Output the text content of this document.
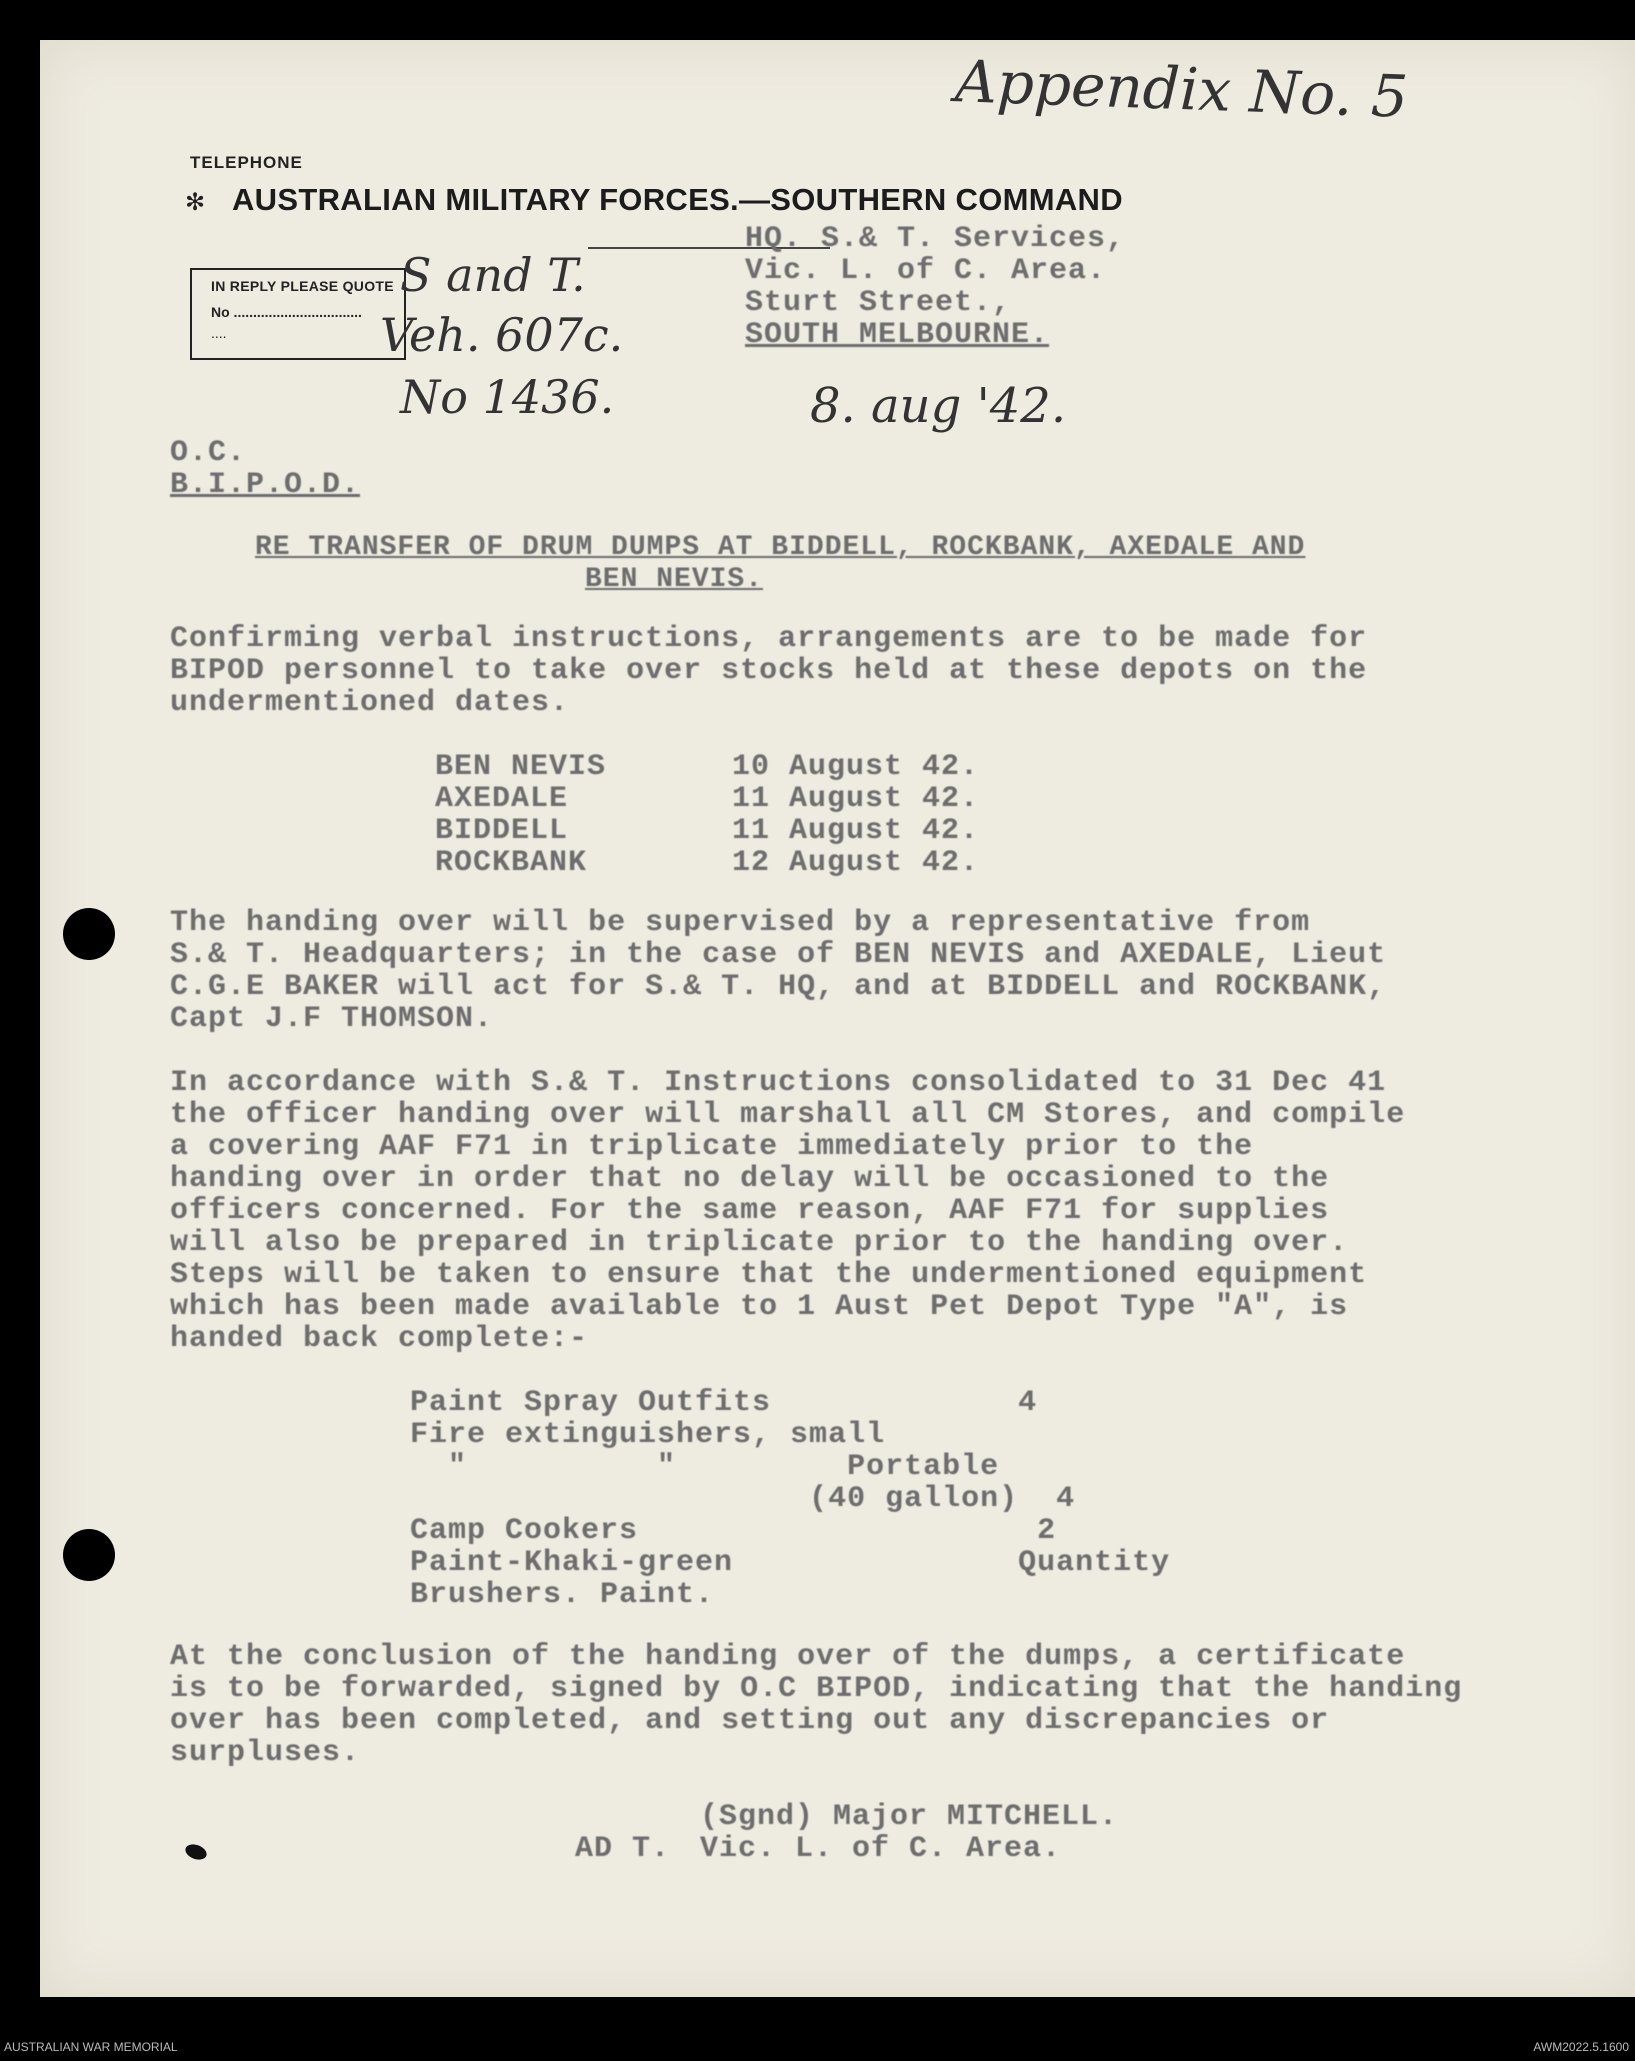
Appendix No. 5
TELEPHONE
✻ AUSTRALIAN MILITARY FORCES.—SOUTHERN COMMAND
IN REPLY PLEASE QUOTE
No .................................
....
S and T.
Veh. 607c.
No 1436.
HQ. S.& T. Services,
Vic. L. of C. Area.
Sturt Street.,
SOUTH MELBOURNE.
8. aug '42.
O.C.
B.I.P.O.D.
RE TRANSFER OF DRUM DUMPS AT BIDDELL, ROCKBANK, AXEDALE AND
BEN NEVIS.
Confirming verbal instructions, arrangements are to be made for
BIPOD personnel to take over stocks held at these depots on the
undermentioned dates.
BEN NEVIS	10 August 42.
AXEDALE	11 August 42.
BIDDELL	11 August 42.
ROCKBANK	12 August 42.
The handing over will be supervised by a representative from
S.& T. Headquarters; in the case of BEN NEVIS and AXEDALE, Lieut
C.G.E BAKER will act for S.& T. HQ, and at BIDDELL and ROCKBANK,
Capt J.F THOMSON.
In accordance with S.& T. Instructions consolidated to 31 Dec 41
the officer handing over will marshall all CM Stores, and compile
a covering AAF F71 in triplicate immediately prior to the
handing over in order that no delay will be occasioned to the
officers concerned. For the same reason, AAF F71 for supplies
will also be prepared in triplicate prior to the handing over.
Steps will be taken to ensure that the undermentioned equipment
which has been made available to 1 Aust Pet Depot Type "A", is
handed back complete:-
Paint Spray Outfits             4
Fire extinguishers, small
"          "         Portable
(40 gallon)  4
Camp Cookers                     2
Paint-Khaki-green               Quantity
Brushers. Paint.
At the conclusion of the handing over of the dumps, a certificate
is to be forwarded, signed by O.C BIPOD, indicating that the handing
over has been completed, and setting out any discrepancies or
surpluses.
(Sgnd) Major MITCHELL.
AD T. Vic. L. of C. Area.
AUSTRALIAN WAR MEMORIAL	AWM2022.5.1600
